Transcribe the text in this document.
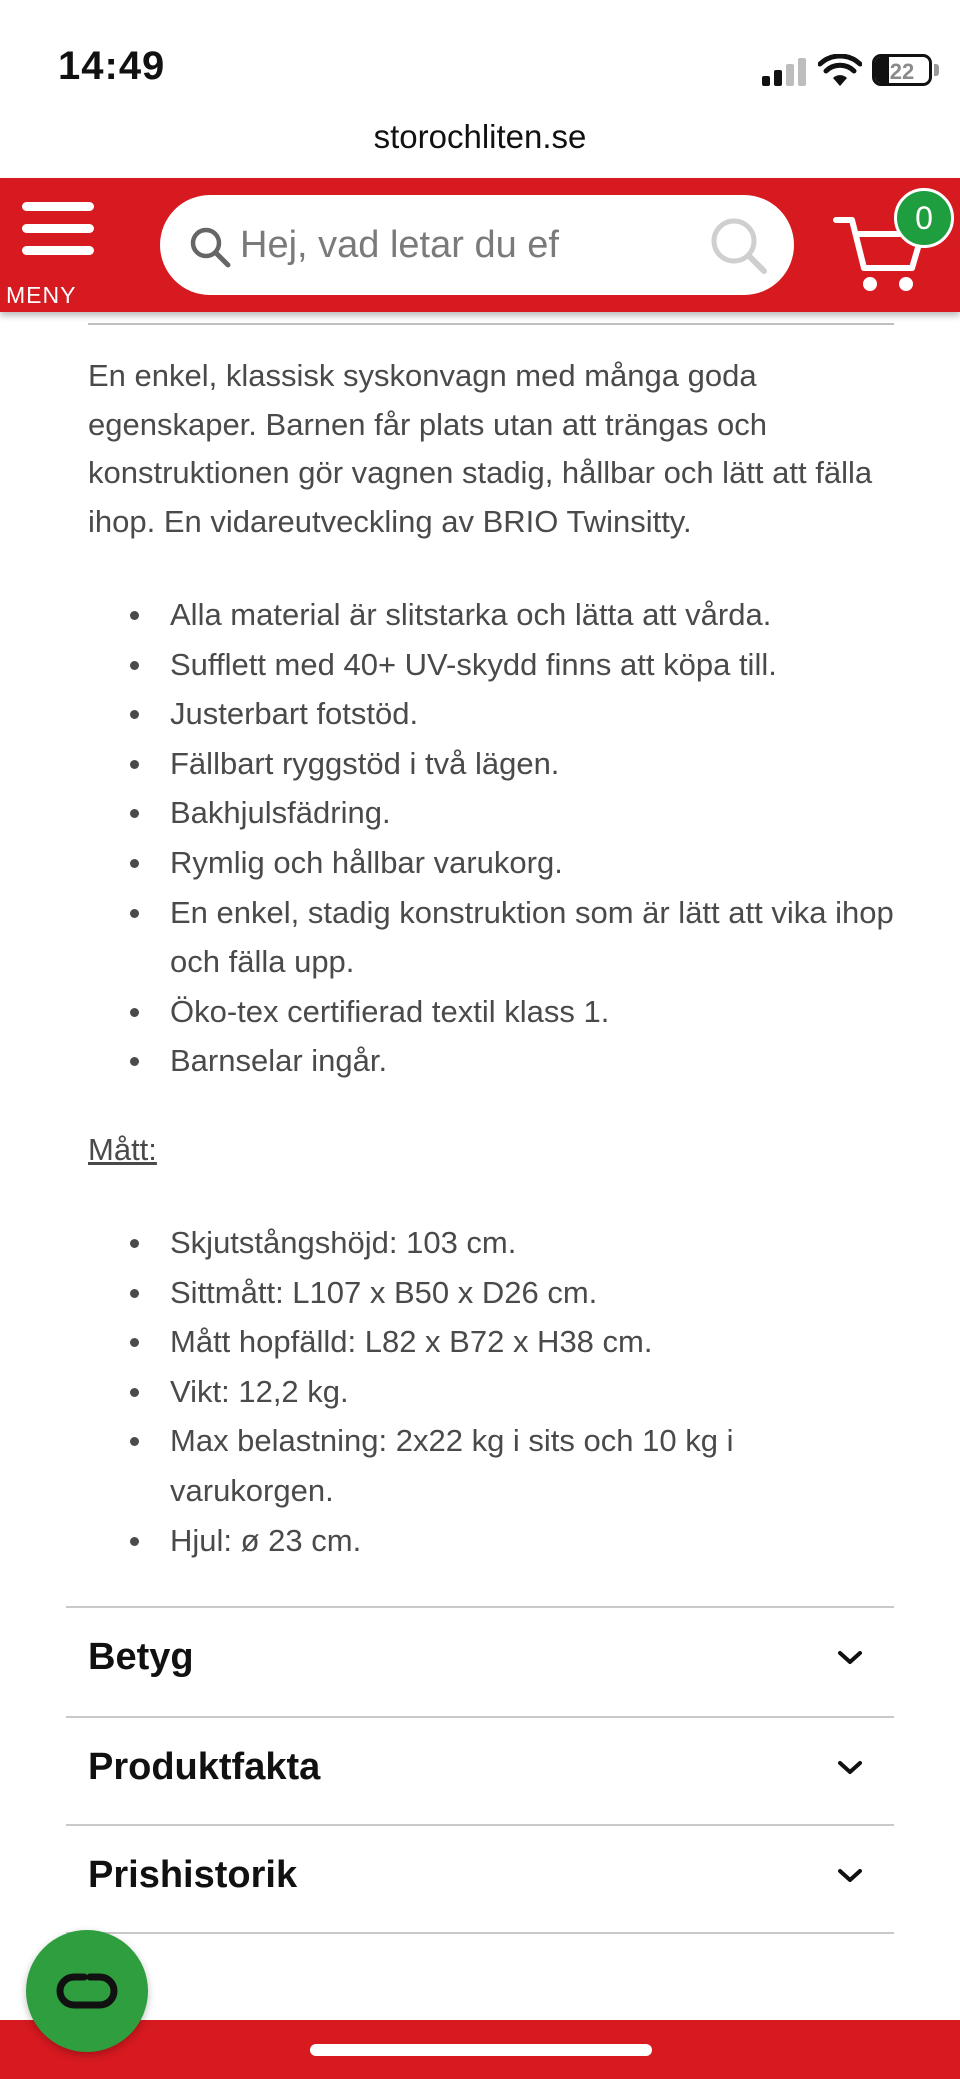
14:49	22
storochliten.se
MENY
Hej, vad letar du ef
0

En enkel, klassisk syskonvagn med många goda egenskaper. Barnen får plats utan att trängas och konstruktionen gör vagnen stadig, hållbar och lätt att fälla ihop. En vidareutveckling av BRIO Twinsitty.

Alla material är slitstarka och lätta att vårda.
Sufflett med 40+ UV-skydd finns att köpa till.
Justerbart fotstöd.
Fällbart ryggstöd i två lägen.
Bakhjulsfädring.
Rymlig och hållbar varukorg.
En enkel, stadig konstruktion som är lätt att vika ihop och fälla upp.
Öko-tex certifierad textil klass 1.
Barnselar ingår.
Mått:
Skjutstångshöjd: 103 cm.
Sittmått: L107 x B50 x D26 cm.
Mått hopfälld: L82 x B72 x H38 cm.
Vikt: 12,2 kg.
Max belastning: 2x22 kg i sits och 10 kg i varukorgen.
Hjul: ø 23 cm.
Betyg
Produktfakta
Prishistorik
